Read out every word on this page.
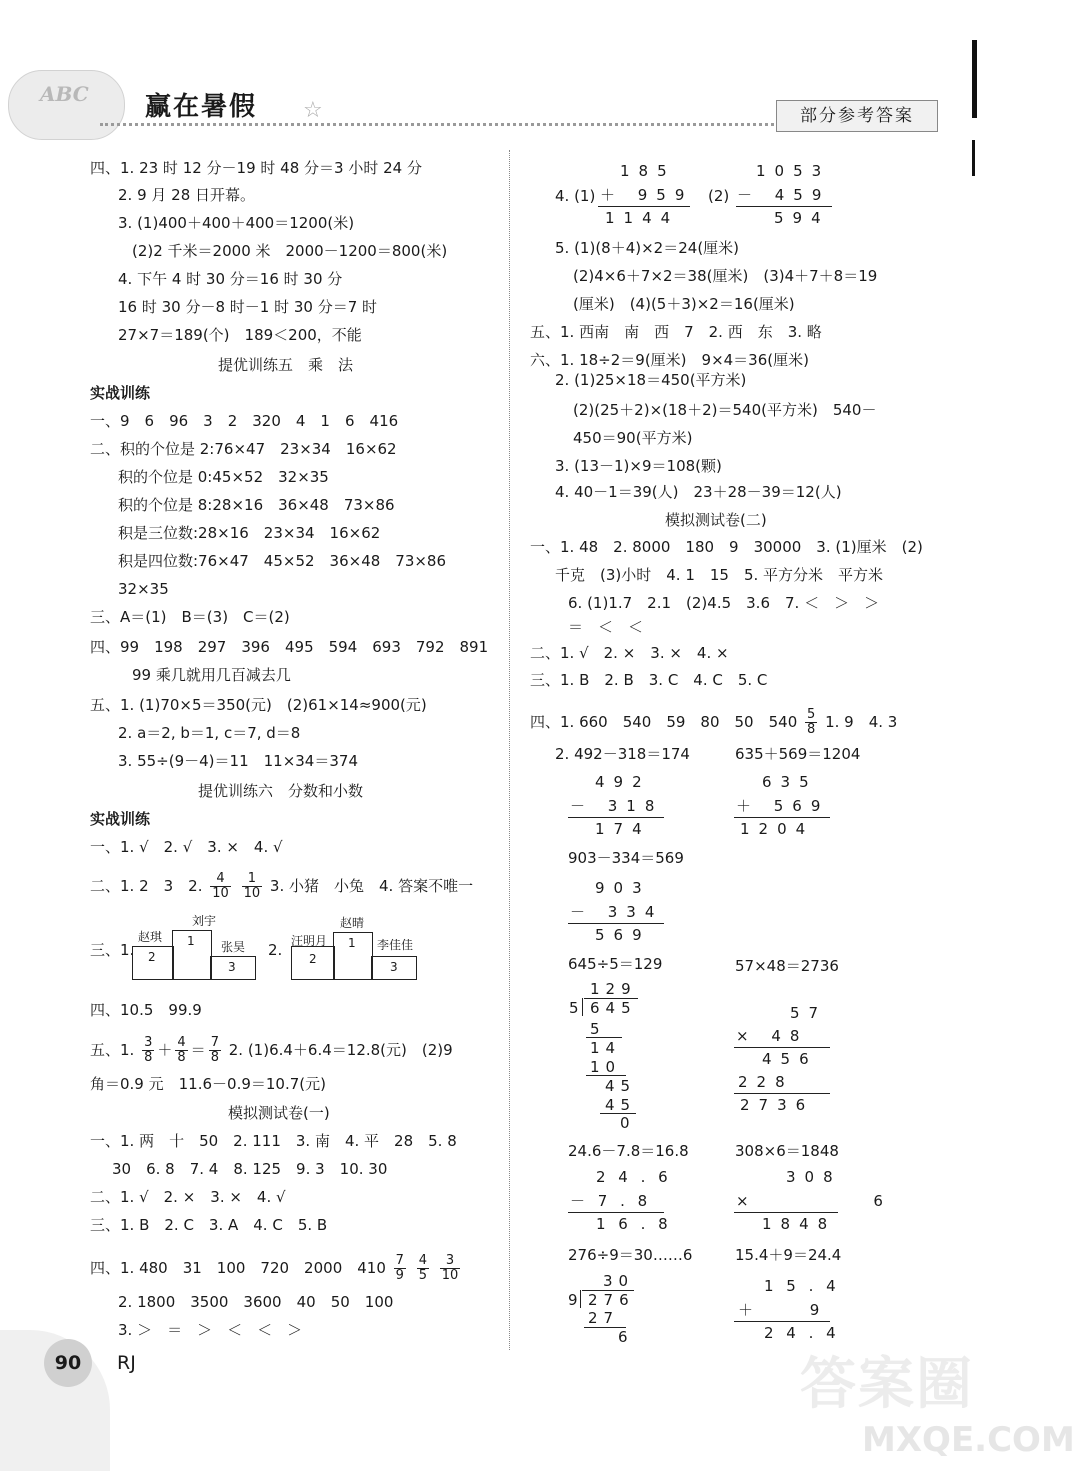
ABC 赢在暑假 ☆	部分参考答案
四、1. 23 时 12 分－19 时 48 分＝3 小时 24 分
2. 9 月 28 日开幕。
3. (1)400＋400＋400＝1200(米)
(2)2 千米＝2000 米　2000－1200＝800(米)
4. 下午 4 时 30 分＝16 时 30 分
16 时 30 分－8 时－1 时 30 分＝7 时
27×7＝189(个)　189＜200，不能
提优训练五　乘　法
实战训练
一、9　6　96　3　2　320　4　1　6　416
二、积的个位是 2:76×47　23×34　16×62
积的个位是 0:45×52　32×35
积的个位是 8:28×16　36×48　73×86
积是三位数:28×16　23×34　16×62
积是四位数:76×47　45×52　36×48　73×86
32×35
三、A＝(1)　B＝(3)　C＝(2)
四、99　198　297　396　495　594　693　792　891
99 乘几就用几百减去几
五、1. (1)70×5＝350(元)　(2)61×14≈900(元)
2. a＝2, b＝1, c＝7, d＝8
3. 55÷(9－4)＝11　11×34＝374
提优训练六　分数和小数
实战训练
一、1. √　2. √　3. ×　4. √
二、1. 2　3　2. $\frac{4}{10}$
$\frac{1}{10} 3$. 小猪　小兔　4. 答案不唯一
三、1.
刘宇
赵琪
张昊
1
2
3
2.
赵晴
汪明月	李佳佳
1
2
3
四、10.5　99.9
五、1. $\frac{3}{8} + \frac{4}{8} = \frac{7}{8} 2$. (1)6.4＋6.4＝12.8(元)　(2)9
角＝0.9 元　11.6－0.9＝10.7(元)
模拟测试卷(一)
一、1. 两　十　50　2. 111　3. 南　4. 平　28　5. 8
30　6. 8　7. 4　8. 125　9. 3　10. 30
二、1. √　2. ×　3. ×　4. √
三、1. B　2. C　3. A　4. C　5. B
四、1. 480　31　100　720　2000　$410 \frac{7}{9}$
$\frac{4}{5}$
$\frac{3}{10}$
2. 1800　3500　3600　40　50　100
3. ＞　＝　＞　＜　＜　＞
4. (1)
185
＋ 959
1144
(2)
1053
－ 459
594
5. (1)(8＋4)×2＝24(厘米)
(2)4×6＋7×2＝38(厘米)　(3)4＋7＋8＝19
(厘米)　(4)(5＋3)×2＝16(厘米)
五、1. 西南　南　西　7　2. 西　东　3. 略
六、1. 18÷2＝9(厘米)　9×4＝36(厘米)
2. (1)25×18＝450(平方米)
(2)(25＋2)×(18＋2)＝540(平方米)　540－
450＝90(平方米)
3. (13－1)×9＝108(颗)
4. 40－1＝39(人)　23＋28－39＝12(人)
模拟测试卷(二)
一、1. 48　2. 8000　180　9　30000　3. (1)厘米　(2)
千克　(3)小时　4. 1　15　5. 平方分米　平方米
6. (1)1.7　2.1　(2)4.5　3.6　7. ＜　＞　＞
＝　＜　＜
二、1. √　2. ×　3. ×　4. ×
三、1. B　2. B　3. C　4. C　5. C
四、1. 660　540　59　80　50　$540 \frac{5}{8} 1$. 9　4. 3
2. 492－318＝174	635＋569＝1204
492
－ 318
174
635
＋ 569
1204
903－334＝569
903
－ 334
569
645÷5＝129	57×48＝2736
129
5 645
5
14
10
45
45
0
57
× 48
456
228
2736
24.6－7.8＝16.8	308×6＝1848
2 4 . 6
－ 7 . 8
1 6 . 8
308
× 6
1848
276÷9＝30……6	15.4＋9＝24.4
30
9 276
27
6
1 5 . 4
＋ 9
2 4 . 4
90	RJ	答案圈
MXQE.COM
